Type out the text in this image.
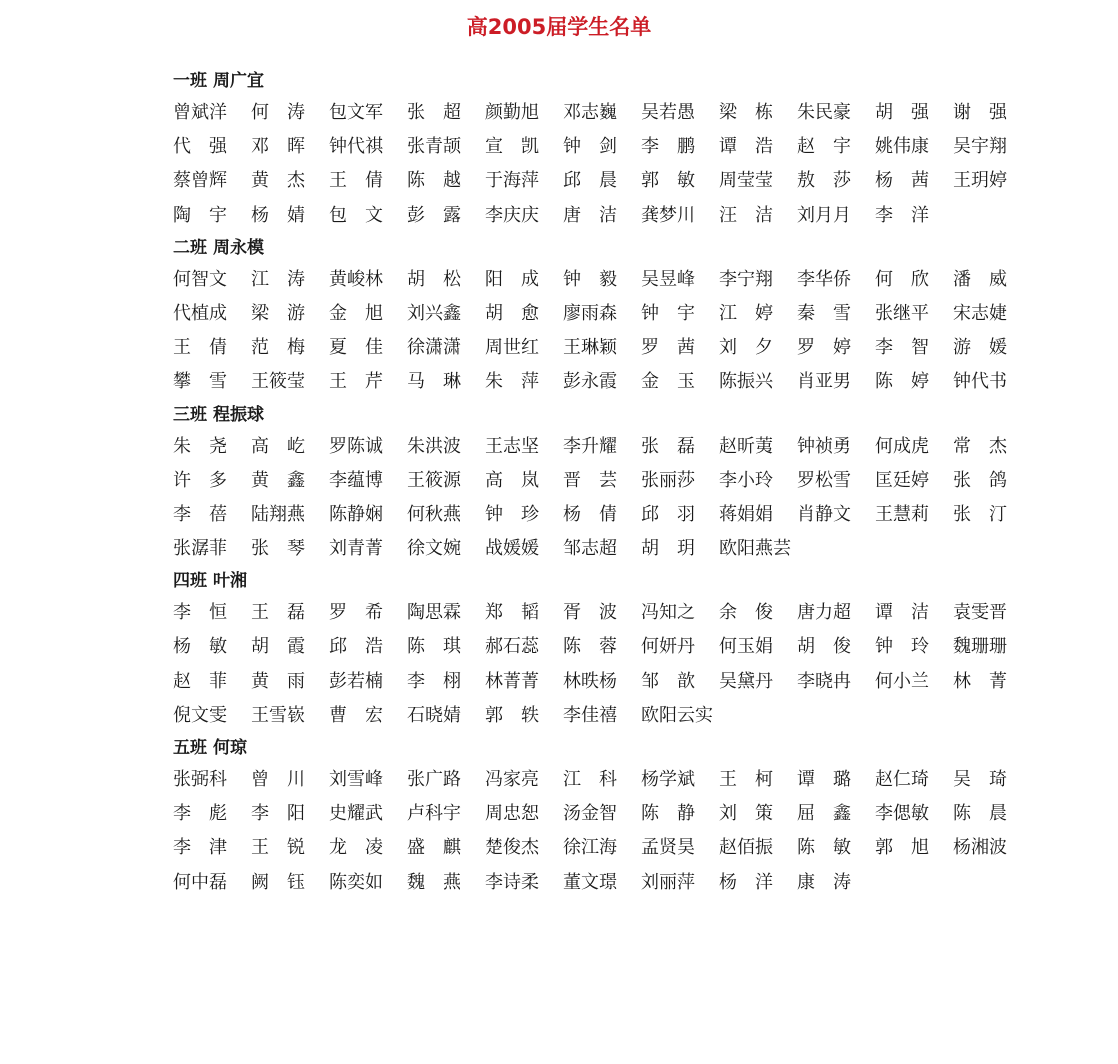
高2005届学生名单
一班 周广宜
曾斌洋	何　涛	包文军	张　超	颜勤旭	邓志巍	吴若愚	梁　栋	朱民豪	胡　强	谢　强
代　强	邓　晖	钟代祺	张青颉	宣　凯	钟　剑	李　鹏	谭　浩	赵　宇	姚伟康	吴宇翔
蔡曾辉	黄　杰	王　倩	陈　越	于海萍	邱　晨	郭　敏	周莹莹	敖　莎	杨　茜	王玥婷
陶　宇	杨　婧	包　文	彭　露	李庆庆	唐　洁	龚梦川	汪　洁	刘月月	李　洋
二班 周永模
何智文	江　涛	黄峻林	胡　松	阳　成	钟　毅	吴昱峰	李宁翔	李华侨	何　欣	潘　威
代植成	梁　游	金　旭	刘兴鑫	胡　愈	廖雨森	钟　宇	江　婷	秦　雪	张继平	宋志婕
王　倩	范　梅	夏　佳	徐潇潇	周世红	王琳颖	罗　茜	刘　夕	罗　婷	李　智	游　媛
攀　雪	王筱莹	王　芹	马　琳	朱　萍	彭永霞	金　玉	陈振兴	肖亚男	陈　婷	钟代书
三班 程振球
朱　尧	高　屹	罗陈诚	朱洪波	王志坚	李升耀	张　磊	赵昕荑	钟祯勇	何成虎	常　杰
许　多	黄　鑫	李蕴博	王筱源	高　岚	晋　芸	张丽莎	李小玲	罗松雪	匡廷婷	张　鸽
李　蓓	陆翔燕	陈静娴	何秋燕	钟　珍	杨　倩	邱　羽	蒋娟娟	肖静文	王慧莉	张　汀
张潺菲	张　琴	刘青菁	徐文婉	战媛媛	邹志超	胡　玥	欧阳燕芸
四班 叶湘
李　恒	王　磊	罗　希	陶思霖	郑　韬	胥　波	冯知之	余　俊	唐力超	谭　洁	袁雯晋
杨　敏	胡　霞	邱　浩	陈　琪	郝石蕊	陈　蓉	何妍丹	何玉娟	胡　俊	钟　玲	魏珊珊
赵　菲	黄　雨	彭若楠	李　栩	林菁菁	林昳杨	邹　歆	吴黛丹	李晓冉	何小兰	林　菁
倪文雯	王雪嵚	曹　宏	石晓婧	郭　轶	李佳禧	欧阳云实
五班 何琼
张弼科	曾　川	刘雪峰	张广路	冯家亮	江　科	杨学斌	王　柯	谭　璐	赵仁琦	吴　琦
李　彪	李　阳	史耀武	卢科宇	周忠恕	汤金智	陈　静	刘　策	屈　鑫	李偲敏	陈　晨
李　津	王　锐	龙　凌	盛　麒	楚俊杰	徐江海	孟贤昊	赵佰振	陈　敏	郭　旭	杨湘波
何中磊	阙　钰	陈奕如	魏　燕	李诗柔	董文璟	刘丽萍	杨　洋	康　涛
